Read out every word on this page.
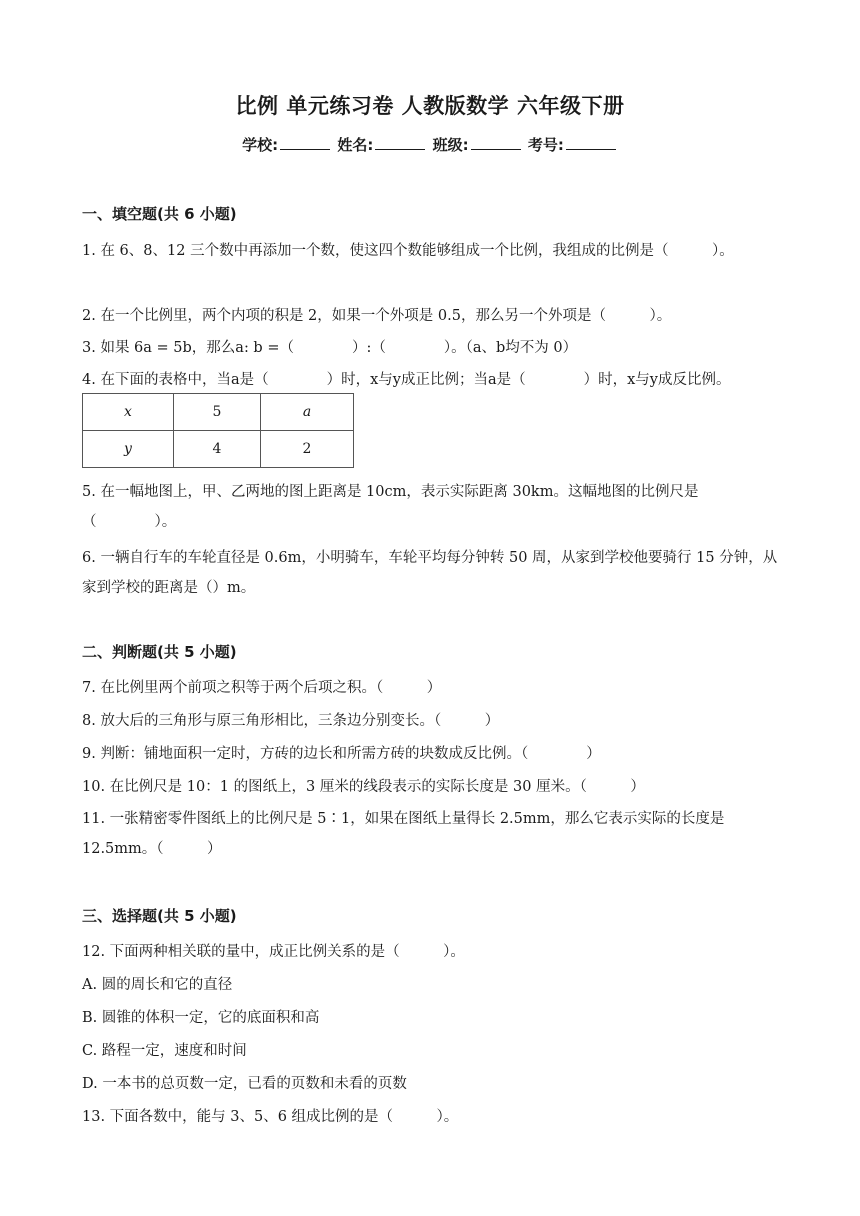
比例 单元练习卷 人教版数学 六年级下册
学校:	姓名:	班级:	考号:
一、填空题(共 6 小题)
1. 在 6、8、12 三个数中再添加一个数，使这四个数能够组成一个比例，我组成的比例是（　　　）。
2. 在一个比例里，两个内项的积是 2，如果一个外项是 0.5，那么另一个外项是（　　　）。
3. 如果 6a = 5b，那么a: b =（　　　　）:（　　　　）。（a、b均不为 0）
4. 在下面的表格中，当a是（　　　　）时，x与y成正比例；当a是（　　　　）时，x与y成反比例。
x	5	a
y	4	2
5. 在一幅地图上，甲、乙两地的图上距离是 10cm，表示实际距离 30km。这幅地图的比例尺是（　　　　）。
6. 一辆自行车的车轮直径是 0.6m，小明骑车，车轮平均每分钟转 50 周，从家到学校他要骑行 15 分钟，从家到学校的距离是（）m。
二、判断题(共 5 小题)
7. 在比例里两个前项之积等于两个后项之积。（　　　）
8. 放大后的三角形与原三角形相比，三条边分别变长。（　　　）
9. 判断：铺地面积一定时，方砖的边长和所需方砖的块数成反比例。（　　　　）
10. 在比例尺是 10：1 的图纸上，3 厘米的线段表示的实际长度是 30 厘米。（　　　）
11. 一张精密零件图纸上的比例尺是 5∶1，如果在图纸上量得长 2.5mm，那么它表示实际的长度是 12.5mm。（　　　）
三、选择题(共 5 小题)
12. 下面两种相关联的量中，成正比例关系的是（　　　）。
A. 圆的周长和它的直径
B. 圆锥的体积一定，它的底面积和高
C. 路程一定，速度和时间
D. 一本书的总页数一定，已看的页数和未看的页数
13. 下面各数中，能与 3、5、6 组成比例的是（　　　）。
